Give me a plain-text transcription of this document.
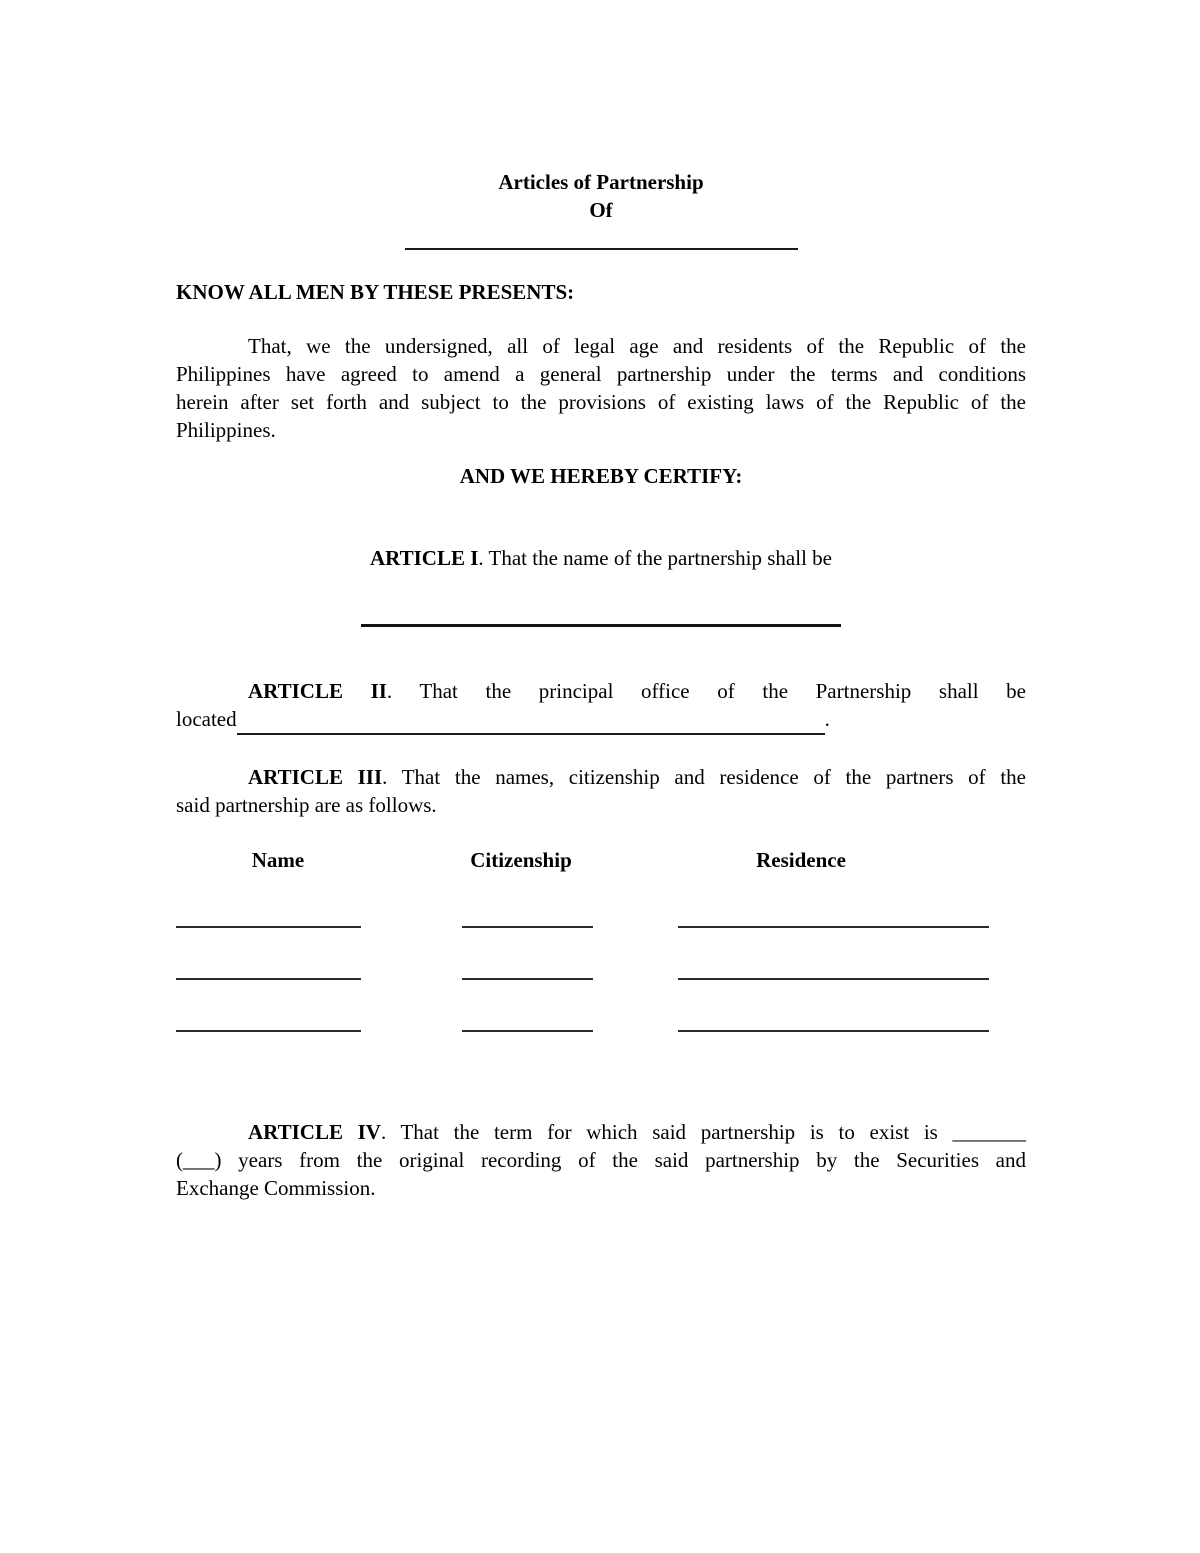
Articles of Partnership
Of
KNOW ALL MEN BY THESE PRESENTS:
That, we the undersigned, all of legal age and residents of the Republic of the
Philippines have agreed to amend a general partnership under the terms and conditions
herein after set forth and subject to the provisions of existing laws of the Republic of the
Philippines.
AND WE HEREBY CERTIFY:
ARTICLE I. That the name of the partnership shall be
ARTICLE II. That the principal office of the Partnership shall be
located	.
ARTICLE III. That the names, citizenship and residence of the partners of the
said partnership are as follows.
Name	Citizenship	Residence
ARTICLE IV. That the term for which said partnership is to exist is _______
(___) years from the original recording of the said partnership by the Securities and
Exchange Commission.
